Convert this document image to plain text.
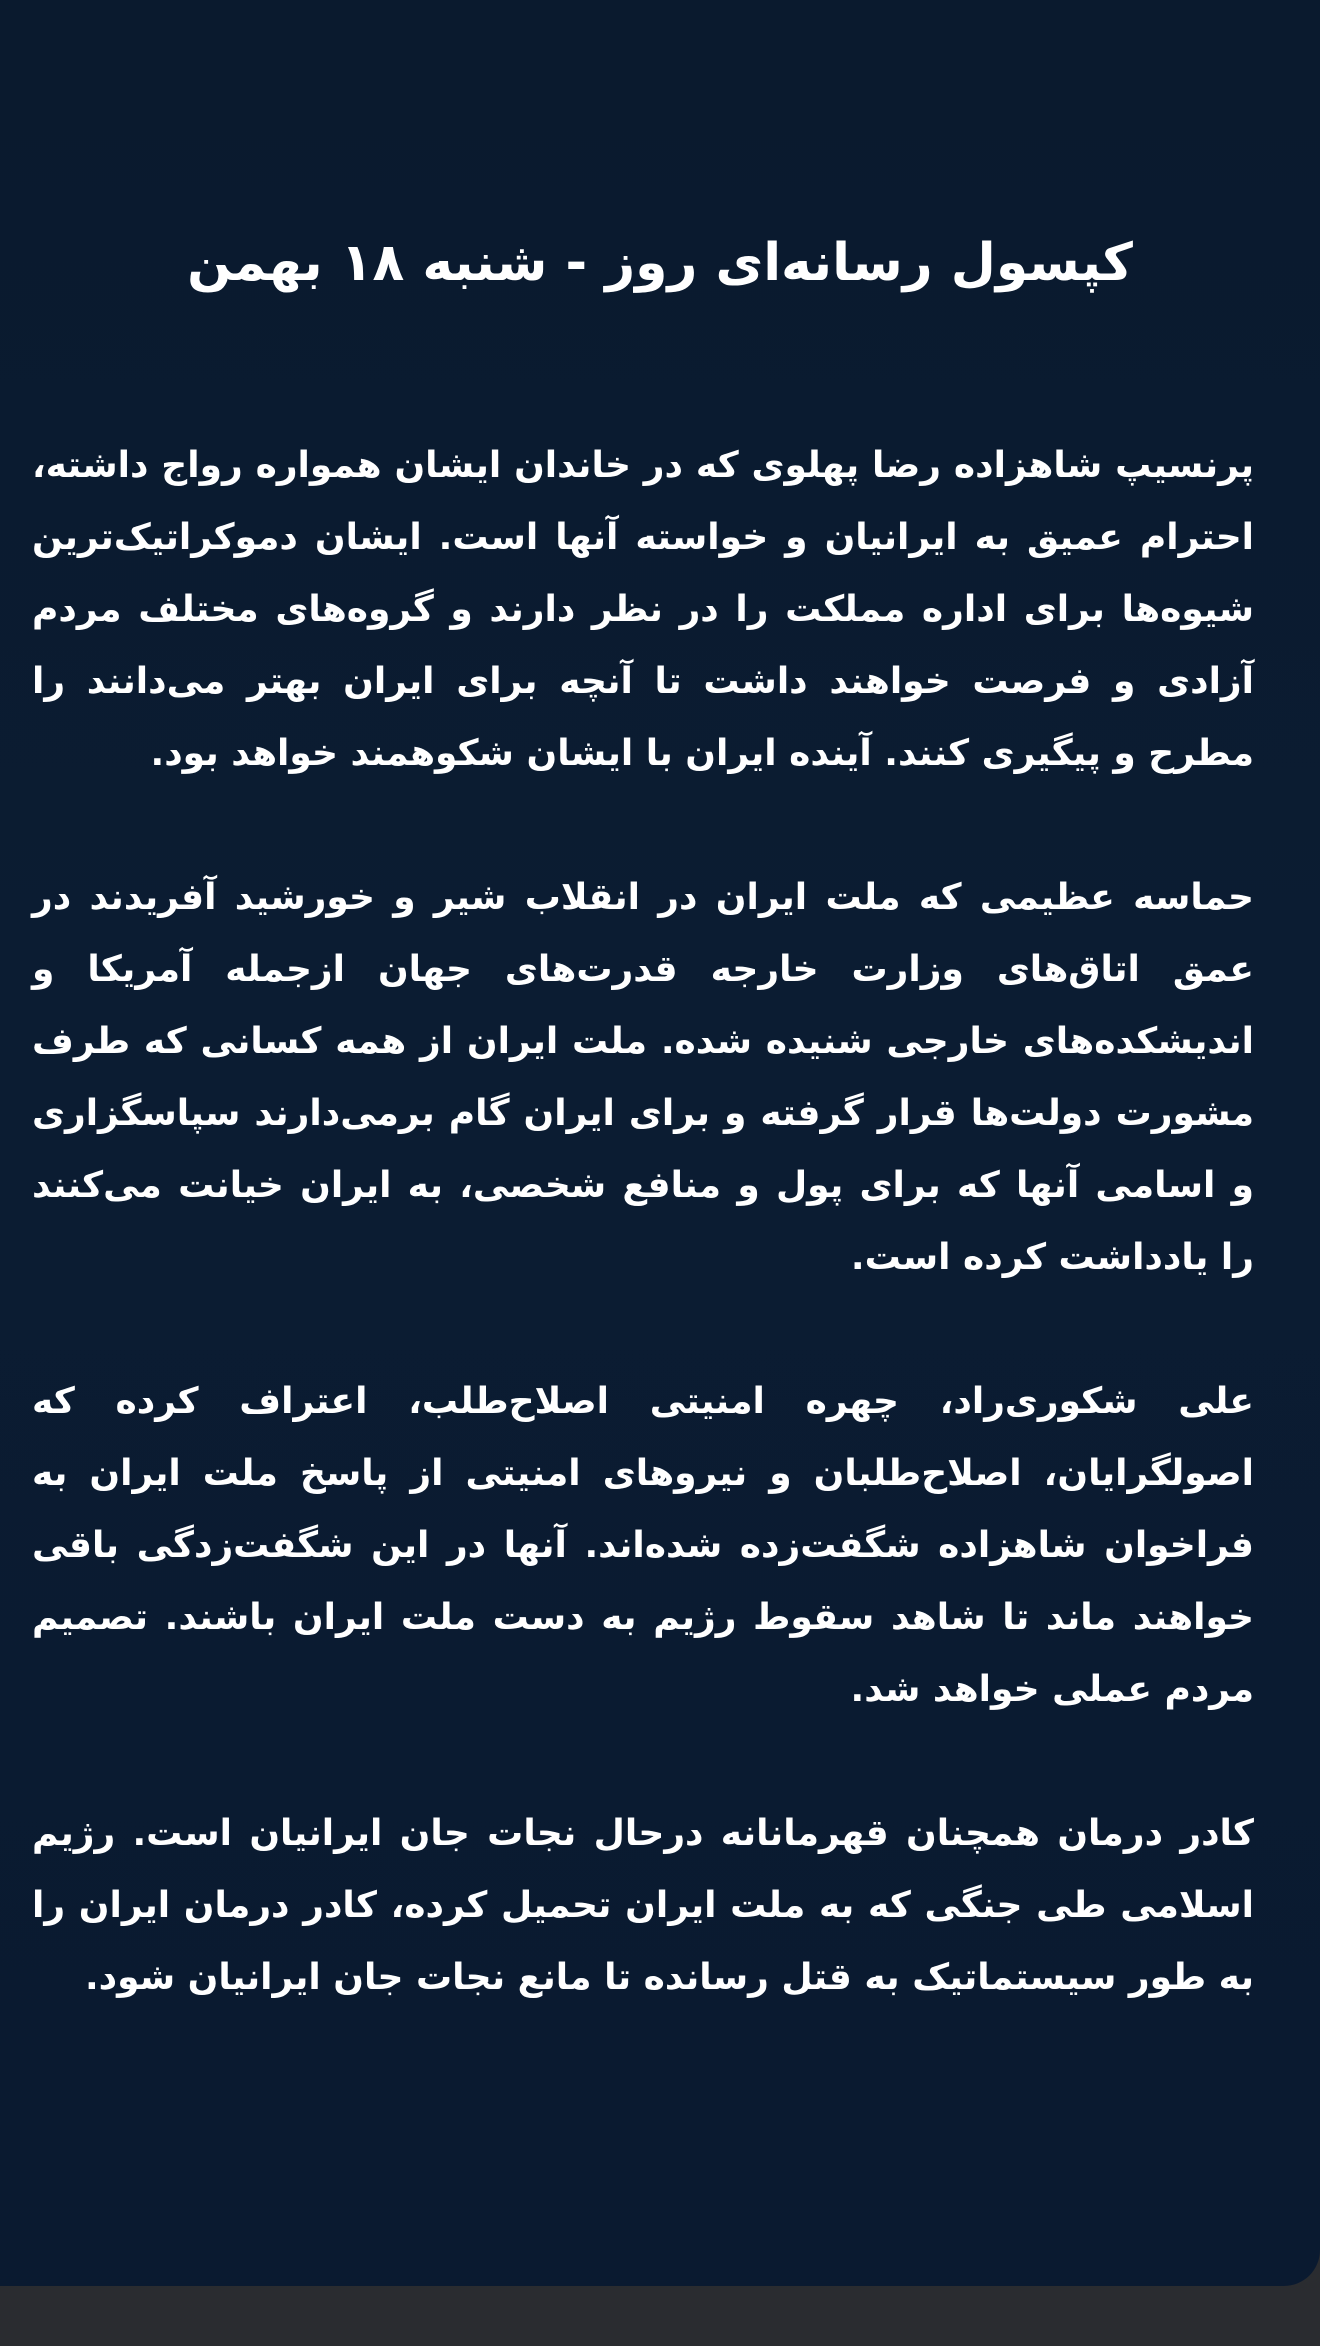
کپسول رسانه‌ای روز - شنبه ۱۸ بهمن

پرنسیپ شاهزاده رضا پهلوی که در خاندان ایشان همواره رواج داشته، احترام عمیق به ایرانیان و خواسته آنها است. ایشان دموکراتیک‌ترین شیوه‌ها برای اداره مملکت را در نظر دارند و گروه‌های مختلف مردم آزادی و فرصت خواهند داشت تا آنچه برای ایران بهتر می‌دانند را مطرح و پیگیری کنند. آینده ایران با ایشان شکوهمند خواهد بود.

حماسه عظیمی که ملت ایران در انقلاب شیر و خورشید آفریدند در عمق اتاق‌های وزارت خارجه قدرت‌های جهان ازجمله آمریکا و اندیشکده‌های خارجی شنیده شده. ملت ایران از همه کسانی که طرف مشورت دولت‌ها قرار گرفته و برای ایران گام برمی‌دارند سپاسگزاری و اسامی آنها که برای پول و منافع شخصی، به ایران خیانت می‌کنند را یادداشت کرده است.

علی شکوری‌راد، چهره امنیتی اصلاح‌طلب، اعتراف کرده که اصولگرایان، اصلاح‌طلبان و نیروهای امنیتی از پاسخ ملت ایران به فراخوان شاهزاده شگفت‌زده شده‌اند. آنها در این شگفت‌زدگی باقی خواهند ماند تا شاهد سقوط رژیم به دست ملت ایران باشند. تصمیم مردم عملی خواهد شد.

کادر درمان همچنان قهرمانانه درحال نجات جان ایرانیان است. رژیم اسلامی طی جنگی که به ملت ایران تحمیل کرده، کادر درمان ایران را به طور سیستماتیک به قتل رسانده تا مانع نجات جان ایرانیان شود.
